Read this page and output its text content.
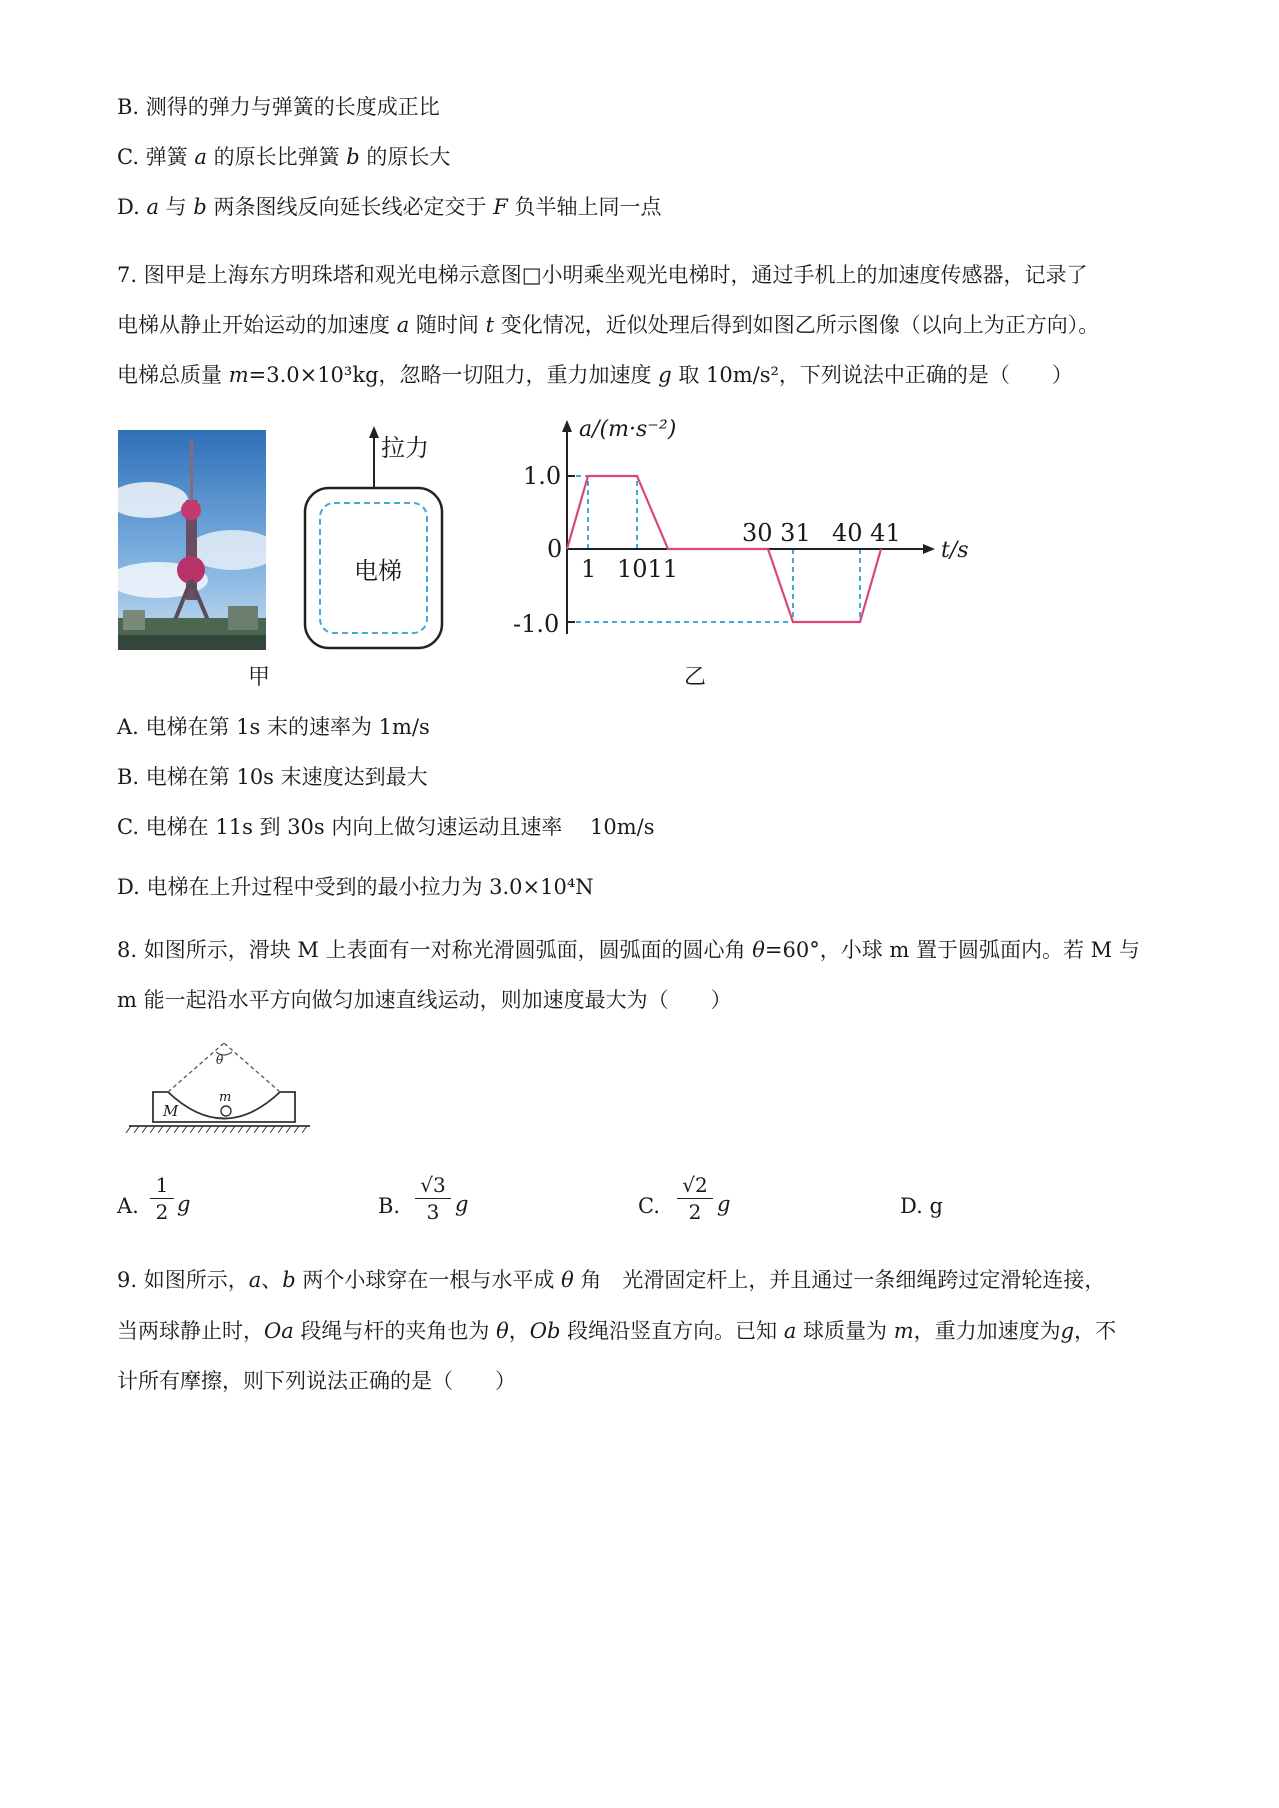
B. 测得的弹力与弹簧的长度成正比
C. 弹簧 a 的原长比弹簧 b 的原长大
D. a 与 b 两条图线反向延长线必定交于 F 负半轴上同一点
7. 图甲是上海东方明珠塔和观光电梯示意图□小明乘坐观光电梯时，通过手机上的加速度传感器，记录了
电梯从静止开始运动的加速度 a 随时间 t 变化情况，近似处理后得到如图乙所示图像（以向上为正方向）。
电梯总质量 m=3.0×10³kg，忽略一切阻力，重力加速度 g 取 10m/s²，下列说法中正确的是（　　）
甲
拉力
电梯
a/(m·s⁻²)
t/s
1.0
0
-1.0
1 1011
30 31 40 41
乙
A. 电梯在第 1s 末的速率为 1m/s
B. 电梯在第 10s 末速度达到最大
C. 电梯在 11s 到 30s 内向上做匀速运动且速率　 10m/s
D. 电梯在上升过程中受到的最小拉力为 3.0×10⁴N
8. 如图所示，滑块 M 上表面有一对称光滑圆弧面，圆弧面的圆心角 θ=60°，小球 m 置于圆弧面内。若 M 与
m 能一起沿水平方向做匀加速直线运动，则加速度最大为（　　）
θ
M
m
A. $\frac{1}{2}$ g	B. $\frac{√3}{3}$ g	C. $\frac{√2}{2}$ g	D. g
9. 如图所示，a、b 两个小球穿在一根与水平成 θ 角　光滑固定杆上，并且通过一条细绳跨过定滑轮连接，
当两球静止时，Oa 段绳与杆的夹角也为 θ，Ob 段绳沿竖直方向。已知 a 球质量为 m，重力加速度为g，不
计所有摩擦，则下列说法正确的是（　　）
